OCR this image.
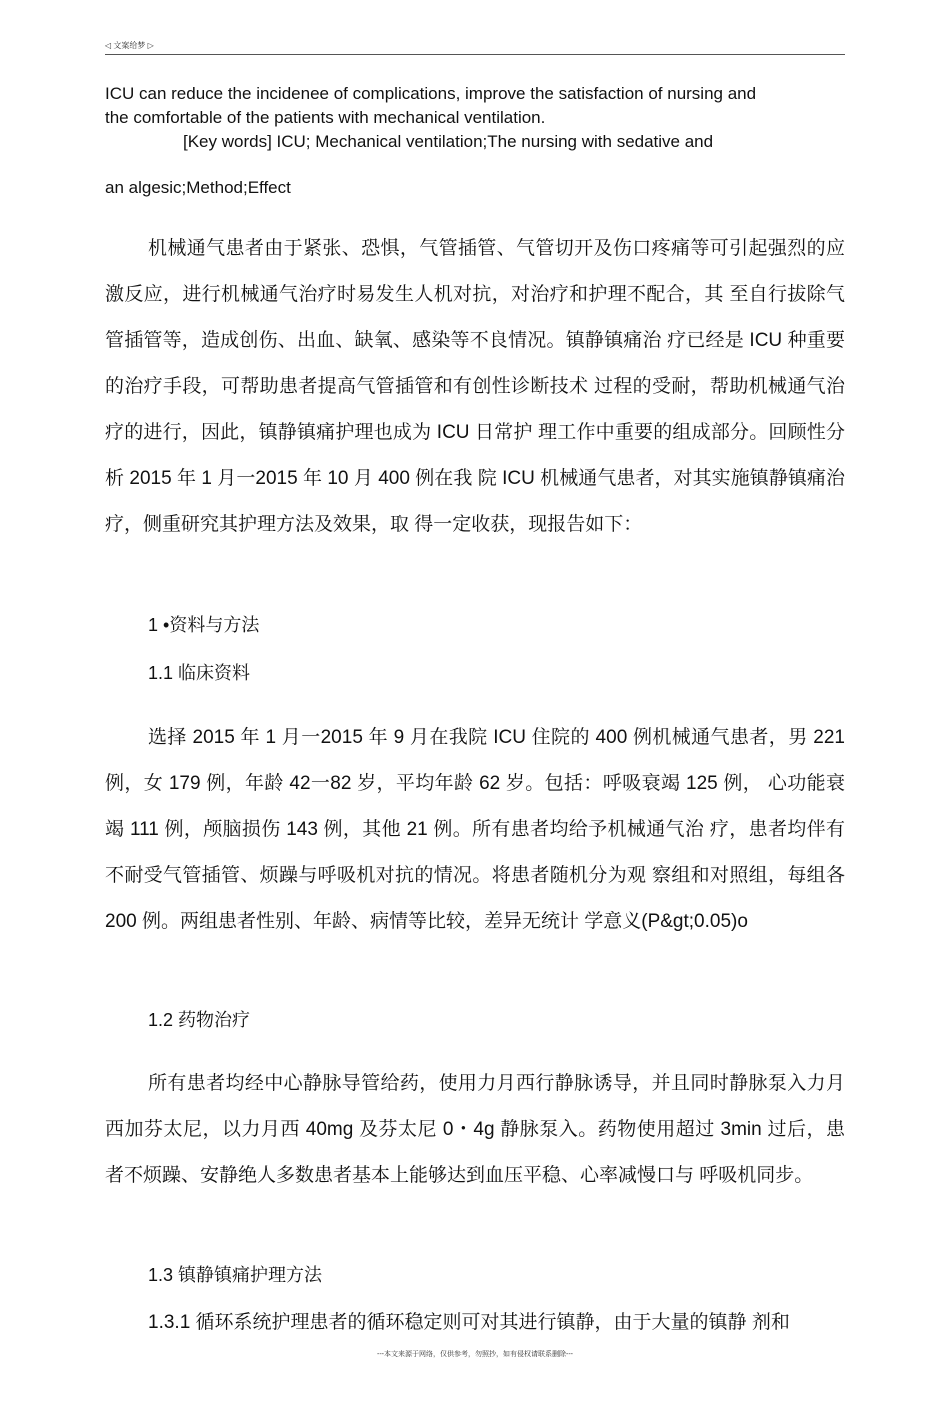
◁ 文案给梦 ▷
ICU can reduce the incidenee of complications, improve the satisfaction of nursing and
the comfortable of the patients with mechanical ventilation.
[Key words] ICU; Mechanical ventilation;The nursing with sedative and
an algesic;Method;Effect
机械通气患者由于紧张、恐惧，气管插管、气管切开及伤口疼痛等可引起强烈的应激反应，进行机械通气治疗时易发生人机对抗，对治疗和护理不配合，其 至自行拔除气管插管等，造成创伤、出血、缺氧、感染等不良情况。镇静镇痛治 疗已经是 ICU 种重要的治疗手段，可帮助患者提高气管插管和有创性诊断技术 过程的受耐，帮助机械通气治疗的进行，因此，镇静镇痛护理也成为 ICU 日常护 理工作中重要的组成部分。回顾性分析 2015 年 1 月一2015 年 10 月 400 例在我 院 ICU 机械通气患者，对其实施镇静镇痛治疗，侧重研究其护理方法及效果，取 得一定收获，现报告如下：
1 •资料与方法
1.1 临床资料
选择 2015 年 1 月一2015 年 9 月在我院 ICU 住院的 400 例机械通气患者，男 221 例，女 179 例，年龄 42一82 岁，平均年龄 62 岁。包括：呼吸衰竭 125 例， 心功能衰竭 111 例，颅脑损伤 143 例，其他 21 例。所有患者均给予机械通气治 疗，患者均伴有不耐受气管插管、烦躁与呼吸机对抗的情况。将患者随机分为观 察组和对照组，每组各 200 例。两组患者性别、年龄、病情等比较，差异无统计 学意义(P&gt;0.05)o
1.2 药物治疗
所有患者均经中心静脉导管给药，使用力月西行静脉诱导，并且同时静脉泵入力月西加芬太尼，以力月西 40mg 及芬太尼 0・4g 静脉泵入。药物使用超过 3min 过后，患者不烦躁、安静绝人多数患者基本上能够达到血压平稳、心率减慢口与 呼吸机同步。
1.3 镇静镇痛护理方法
1.3.1 循环系统护理患者的循环稳定则可对其进行镇静，由于大量的镇静 剂和
---本文来源于网络，仅供参考，勿照抄，如有侵权请联系删除---
